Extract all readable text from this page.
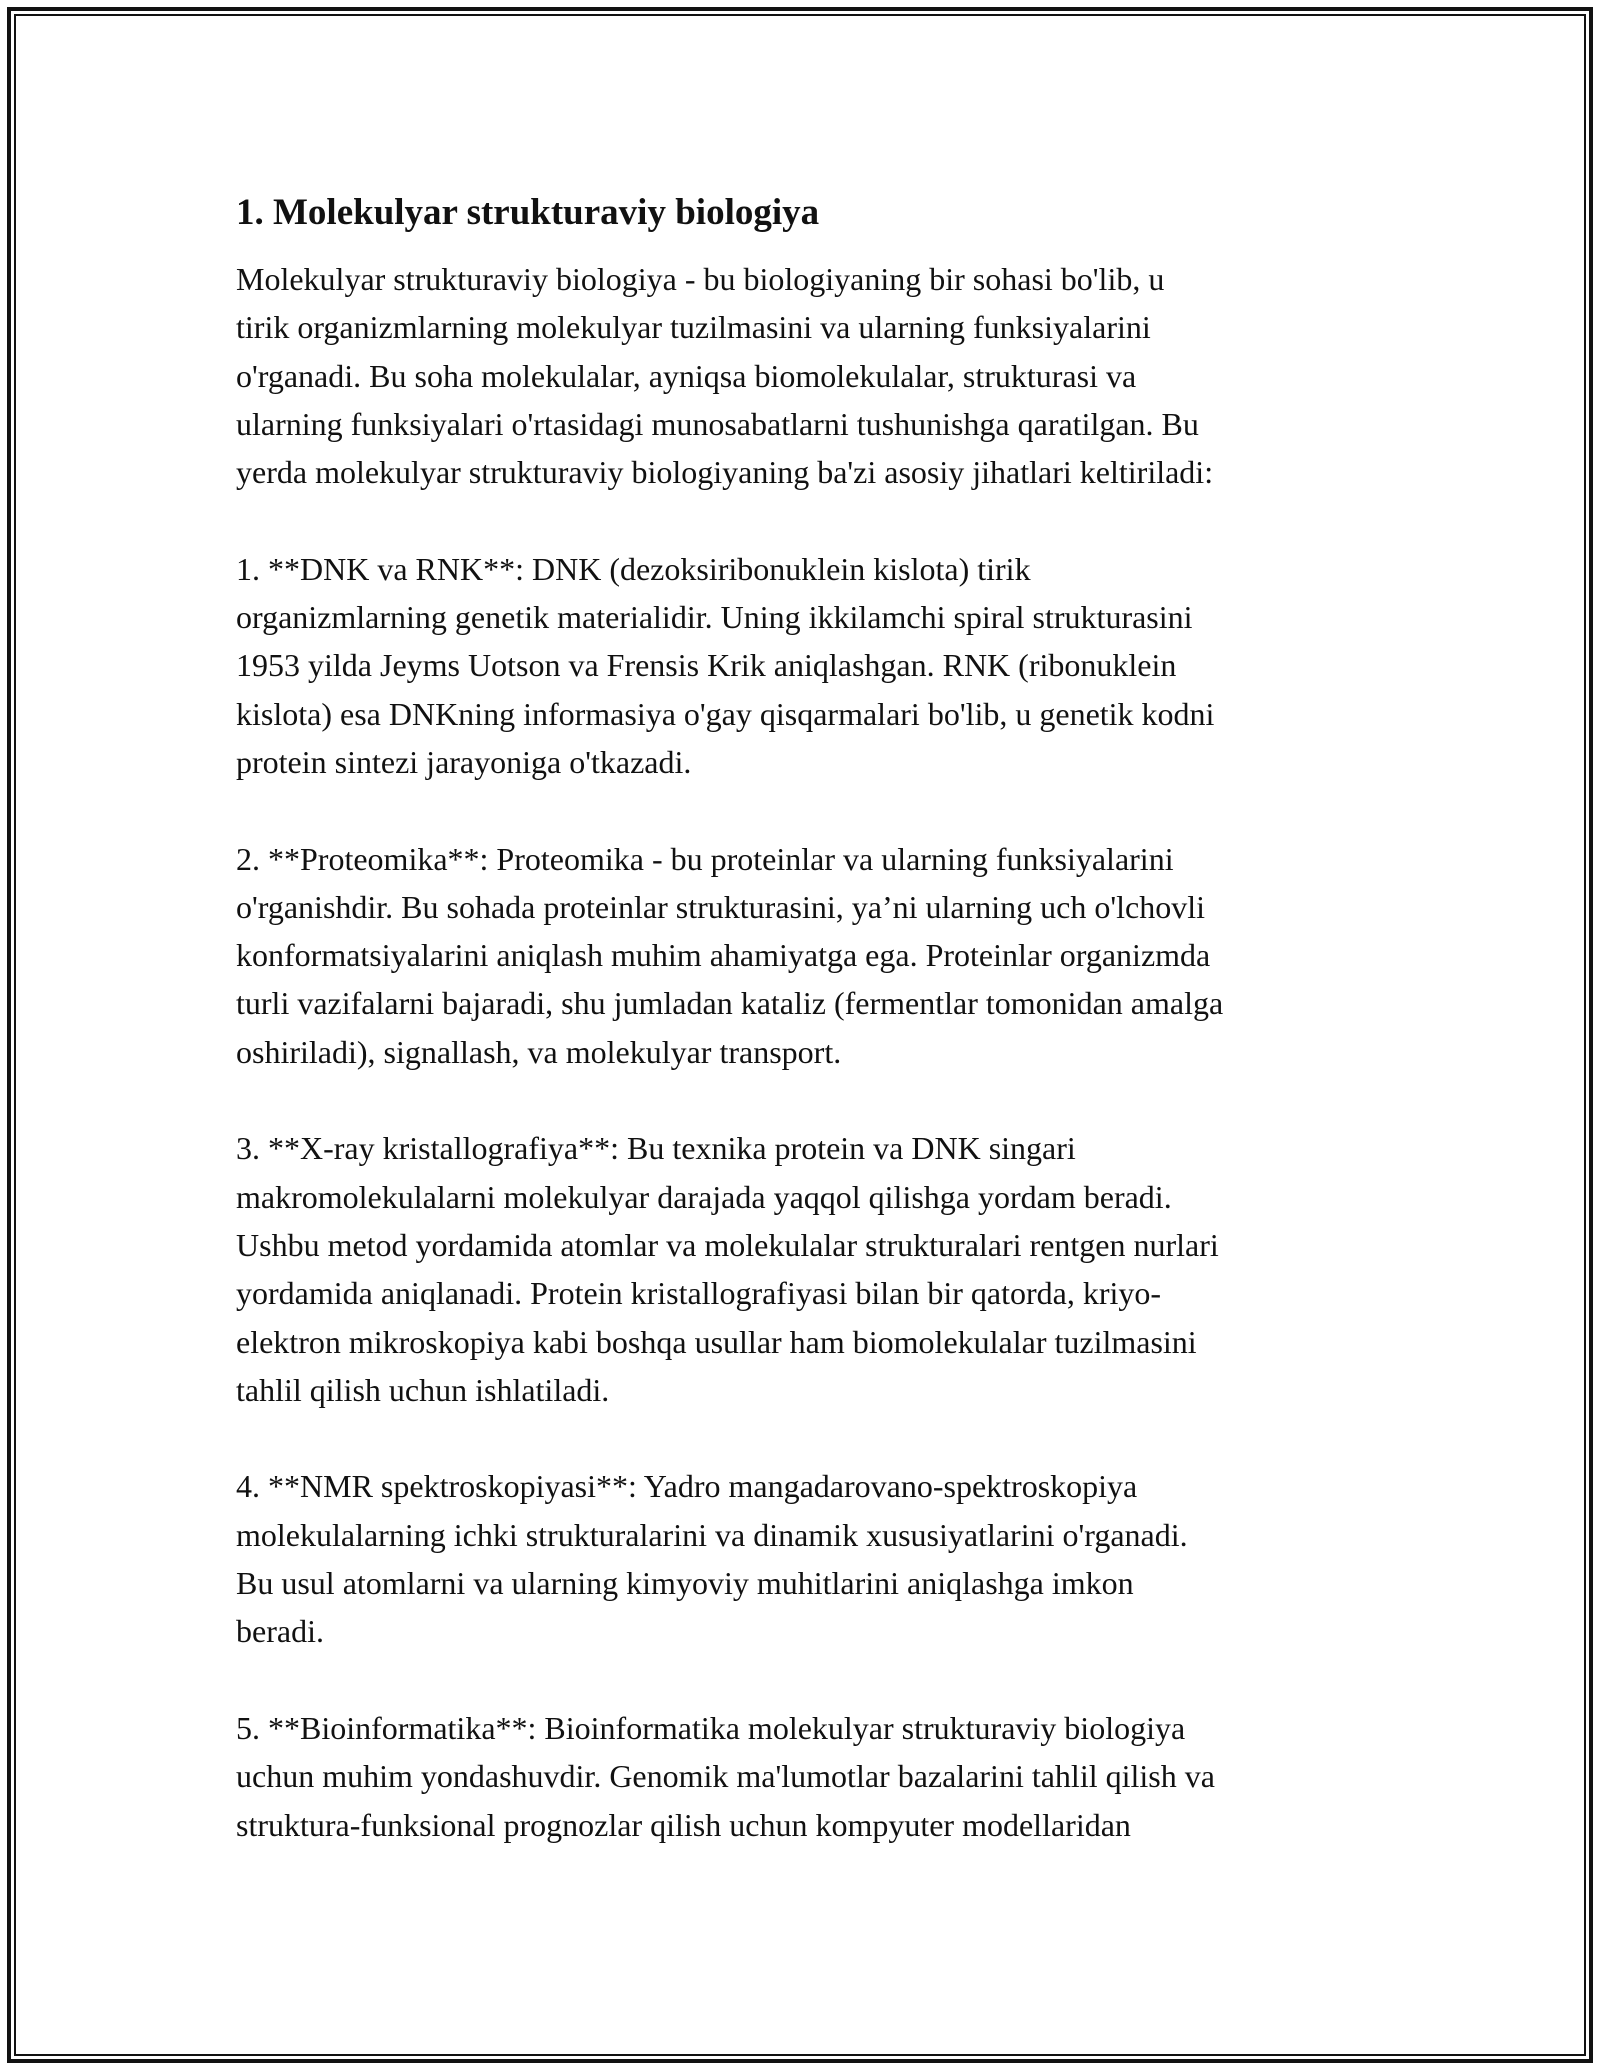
1. Molekulyar strukturaviy biologiya

Molekulyar strukturaviy biologiya - bu biologiyaning bir sohasi bo'lib, u
tirik organizmlarning molekulyar tuzilmasini va ularning funksiyalarini
o'rganadi. Bu soha molekulalar, ayniqsa biomolekulalar, strukturasi va
ularning funksiyalari o'rtasidagi munosabatlarni tushunishga qaratilgan. Bu
yerda molekulyar strukturaviy biologiyaning ba'zi asosiy jihatlari keltiriladi:

1. **DNK va RNK**: DNK (dezoksiribonuklein kislota) tirik
organizmlarning genetik materialidir. Uning ikkilamchi spiral strukturasini
1953 yilda Jeyms Uotson va Frensis Krik aniqlashgan. RNK (ribonuklein
kislota) esa DNKning informasiya o'gay qisqarmalari bo'lib, u genetik kodni
protein sintezi jarayoniga o'tkazadi.

2. **Proteomika**: Proteomika - bu proteinlar va ularning funksiyalarini
o'rganishdir. Bu sohada proteinlar strukturasini, ya’ni ularning uch o'lchovli
konformatsiyalarini aniqlash muhim ahamiyatga ega. Proteinlar organizmda
turli vazifalarni bajaradi, shu jumladan kataliz (fermentlar tomonidan amalga
oshiriladi), signallash, va molekulyar transport.

3. **X-ray kristallografiya**: Bu texnika protein va DNK singari
makromolekulalarni molekulyar darajada yaqqol qilishga yordam beradi.
Ushbu metod yordamida atomlar va molekulalar strukturalari rentgen nurlari
yordamida aniqlanadi. Protein kristallografiyasi bilan bir qatorda, kriyo-
elektron mikroskopiya kabi boshqa usullar ham biomolekulalar tuzilmasini
tahlil qilish uchun ishlatiladi.

4. **NMR spektroskopiyasi**: Yadro mangadarovano-spektroskopiya
molekulalarning ichki strukturalarini va dinamik xususiyatlarini o'rganadi.
Bu usul atomlarni va ularning kimyoviy muhitlarini aniqlashga imkon
beradi.

5. **Bioinformatika**: Bioinformatika molekulyar strukturaviy biologiya
uchun muhim yondashuvdir. Genomik ma'lumotlar bazalarini tahlil qilish va
struktura-funksional prognozlar qilish uchun kompyuter modellaridan
